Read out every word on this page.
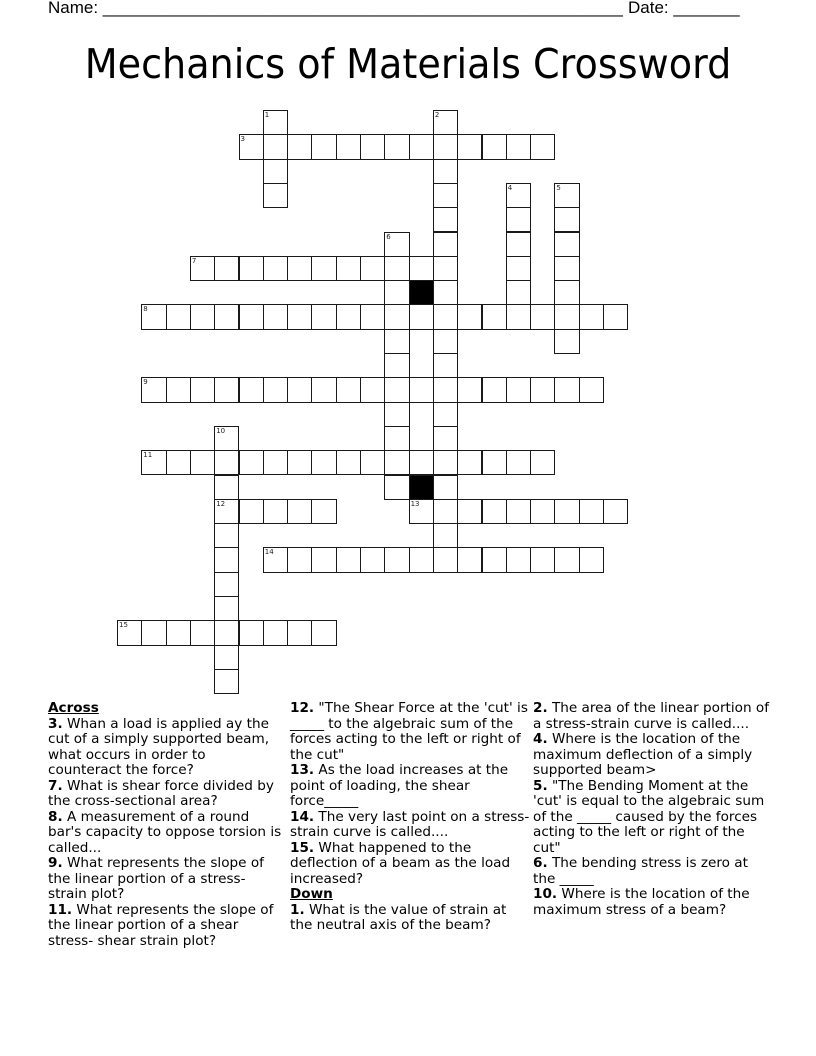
Name: _______________________________________________________ Date: _______
Mechanics of Materials Crossword
1	2
3
4	5
6
7
8
9
10
12
11
13
14
15
Across
3. Whan a load is applied ay the cut of a simply supported beam, what occurs in order to counteract the force?
7. What is shear force divided by the cross-sectional area?
8. A measurement of a round bar's capacity to oppose torsion is called...
9. What represents the slope of the linear portion of a stress-strain plot?
11. What represents the slope of the linear portion of a shear stress- shear strain plot?
12. "The Shear Force at the 'cut' is _____ to the algebraic sum of the forces acting to the left or right of the cut"
13. As the load increases at the point of loading, the shear force_____
14. The very last point on a stress-strain curve is called....
15. What happened to the deflection of a beam as the load increased?
Down
1. What is the value of strain at the neutral axis of the beam?
2. The area of the linear portion of a stress-strain curve is called....
4. Where is the location of the maximum deflection of a simply supported beam>
5. "The Bending Moment at the 'cut' is equal to the algebraic sum of the _____ caused by the forces acting to the left or right of the cut"
6. The bending stress is zero at the _____
10. Where is the location of the maximum stress of a beam?
